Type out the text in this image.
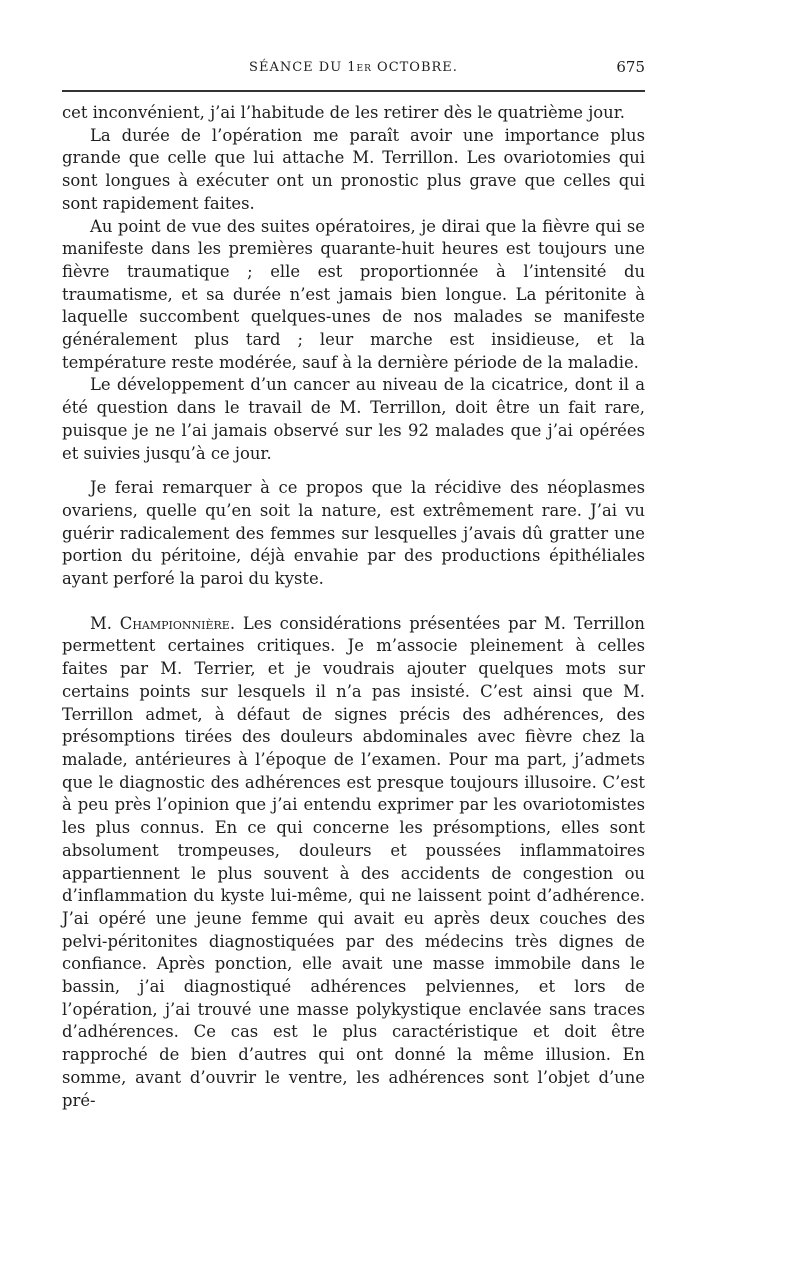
SÉANCE DU 1er OCTOBRE.	675

cet inconvénient, j’ai l’habitude de les retirer dès le quatrième jour.

La durée de l’opération me paraît avoir une importance plus grande que celle que lui attache M. Terrillon. Les ovariotomies qui sont longues à exécuter ont un pronostic plus grave que celles qui sont rapidement faites.

Au point de vue des suites opératoires, je dirai que la fièvre qui se manifeste dans les premières quarante-huit heures est toujours une fièvre traumatique ; elle est proportionnée à l’intensité du traumatisme, et sa durée n’est jamais bien longue. La péritonite à laquelle succombent quelques-unes de nos malades se manifeste généralement plus tard ; leur marche est insidieuse, et la température reste modérée, sauf à la dernière période de la maladie.

Le développement d’un cancer au niveau de la cicatrice, dont il a été question dans le travail de M. Terrillon, doit être un fait rare, puisque je ne l’ai jamais observé sur les 92 malades que j’ai opérées et suivies jusqu’à ce jour.

Je ferai remarquer à ce propos que la récidive des néoplasmes ovariens, quelle qu’en soit la nature, est extrêmement rare. J’ai vu guérir radicalement des femmes sur lesquelles j’avais dû gratter une portion du péritoine, déjà envahie par des productions épithéliales ayant perforé la paroi du kyste.

M. Championnière. Les considérations présentées par M. Terrillon permettent certaines critiques. Je m’associe pleinement à celles faites par M. Terrier, et je voudrais ajouter quelques mots sur certains points sur lesquels il n’a pas insisté. C’est ainsi que M. Terrillon admet, à défaut de signes précis des adhérences, des présomptions tirées des douleurs abdominales avec fièvre chez la malade, antérieures à l’époque de l’examen. Pour ma part, j’admets que le diagnostic des adhérences est presque toujours illusoire. C’est à peu près l’opinion que j’ai entendu exprimer par les ovariotomistes les plus connus. En ce qui concerne les présomptions, elles sont absolument trompeuses, douleurs et poussées inflammatoires appartiennent le plus souvent à des accidents de congestion ou d’inflammation du kyste lui-même, qui ne laissent point d’adhérence. J’ai opéré une jeune femme qui avait eu après deux couches des pelvi-péritonites diagnostiquées par des médecins très dignes de confiance. Après ponction, elle avait une masse immobile dans le bassin, j’ai diagnostiqué adhérences pelviennes, et lors de l’opération, j’ai trouvé une masse polykystique enclavée sans traces d’adhérences. Ce cas est le plus caractéristique et doit être rapproché de bien d’autres qui ont donné la même illusion. En somme, avant d’ouvrir le ventre, les adhérences sont l’objet d’une pré-
